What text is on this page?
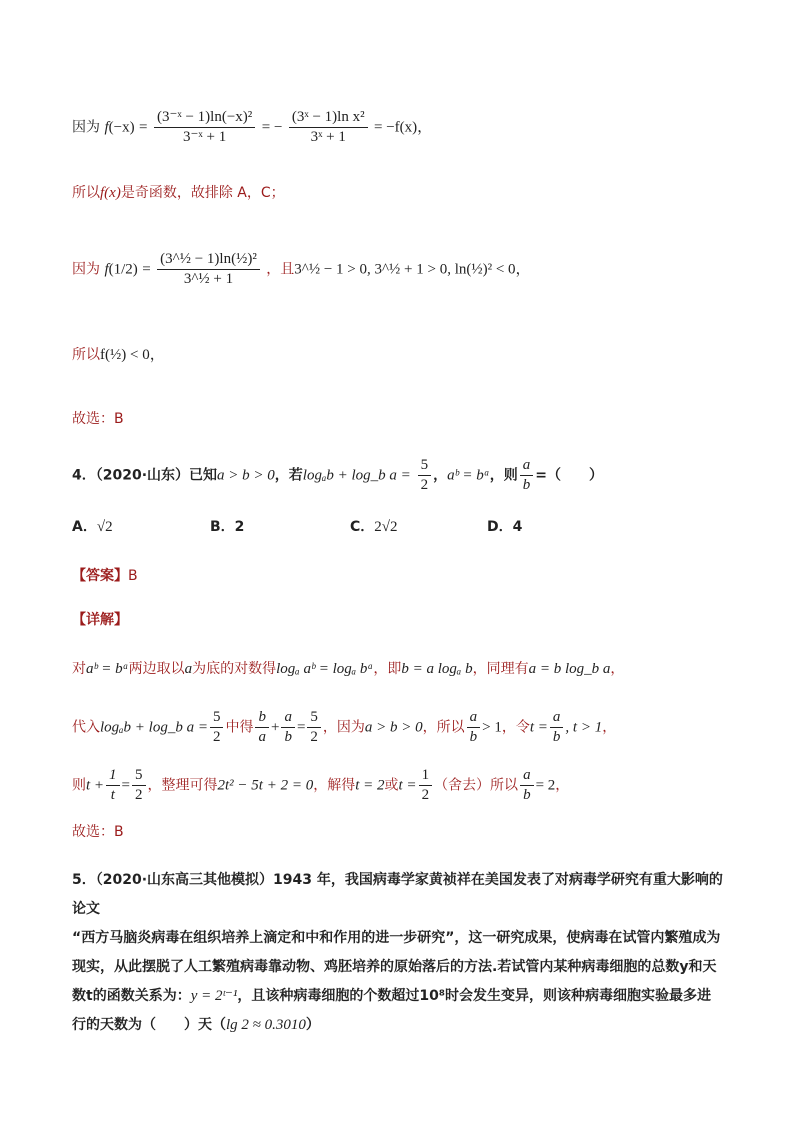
因为 $f(-x) = \frac{\text{(3⁻ˣ − 1)ln(−x)²}}{\text{3⁻ˣ + 1}}$ = − $\frac{\text{(3ˣ − 1)ln x²}}{\text{3ˣ + 1}} = -f(x)$，
所以f(x)是奇函数，故排除 A，C；
因为 $f(1/2) = \frac{\text{(3\textasciicircum{}½ − 1)ln(½)²}}{\text{3\textasciicircum{}½ + 1}}$ ，且3^½ − 1 > 0, 3^½ + 1 > 0, ln(½)² < 0，
所以f(½) < 0，
故选：B
4．（2020·山东）已知a > b > 0，若logₐb + log_b $a = \frac{5}{2}$ ，aᵇ = bᵃ，则 $\frac{a}{b}$ =（　　）
A．√2	B．2	C．2√2	D．4
【答案】B
【详解】
对aᵇ = bᵃ两边取以a为底的对数得logₐ aᵇ = logₐ bᵃ，即b = a logₐ b，同理有a = b log_b a，
代入logₐb + log_b $a = \frac{5}{2}$ 中得 $\frac{b}{a} + \frac{a}{b} = \frac{5}{2}$ ，因为a > b > 0，所以 $\frac{a}{b} > 1$，令$t = \frac{a}{b}$ , t > 1，
则$t + \frac{1}{t} = \frac{5}{2}$ ，整理可得2t² − 5t + 2 = 0，解得t = 2或$t = \frac{1}{2}$ （舍去）所以 $\frac{a}{b} = 2$，
故选：B
5．（2020·山东高三其他模拟）1943 年，我国病毒学家黄祯祥在美国发表了对病毒学研究有重大影响的论文
“西方马脑炎病毒在组织培养上滴定和中和作用的进一步研究”，这一研究成果，使病毒在试管内繁殖成为
现实，从此摆脱了人工繁殖病毒靠动物、鸡胚培养的原始落后的方法.若试管内某种病毒细胞的总数y和天
数t的函数关系为：y = 2ᵗ⁻¹，且该种病毒细胞的个数超过10⁸时会发生变异，则该种病毒细胞实验最多进
行的天数为（　　）天（lg 2 ≈ 0.3010）
